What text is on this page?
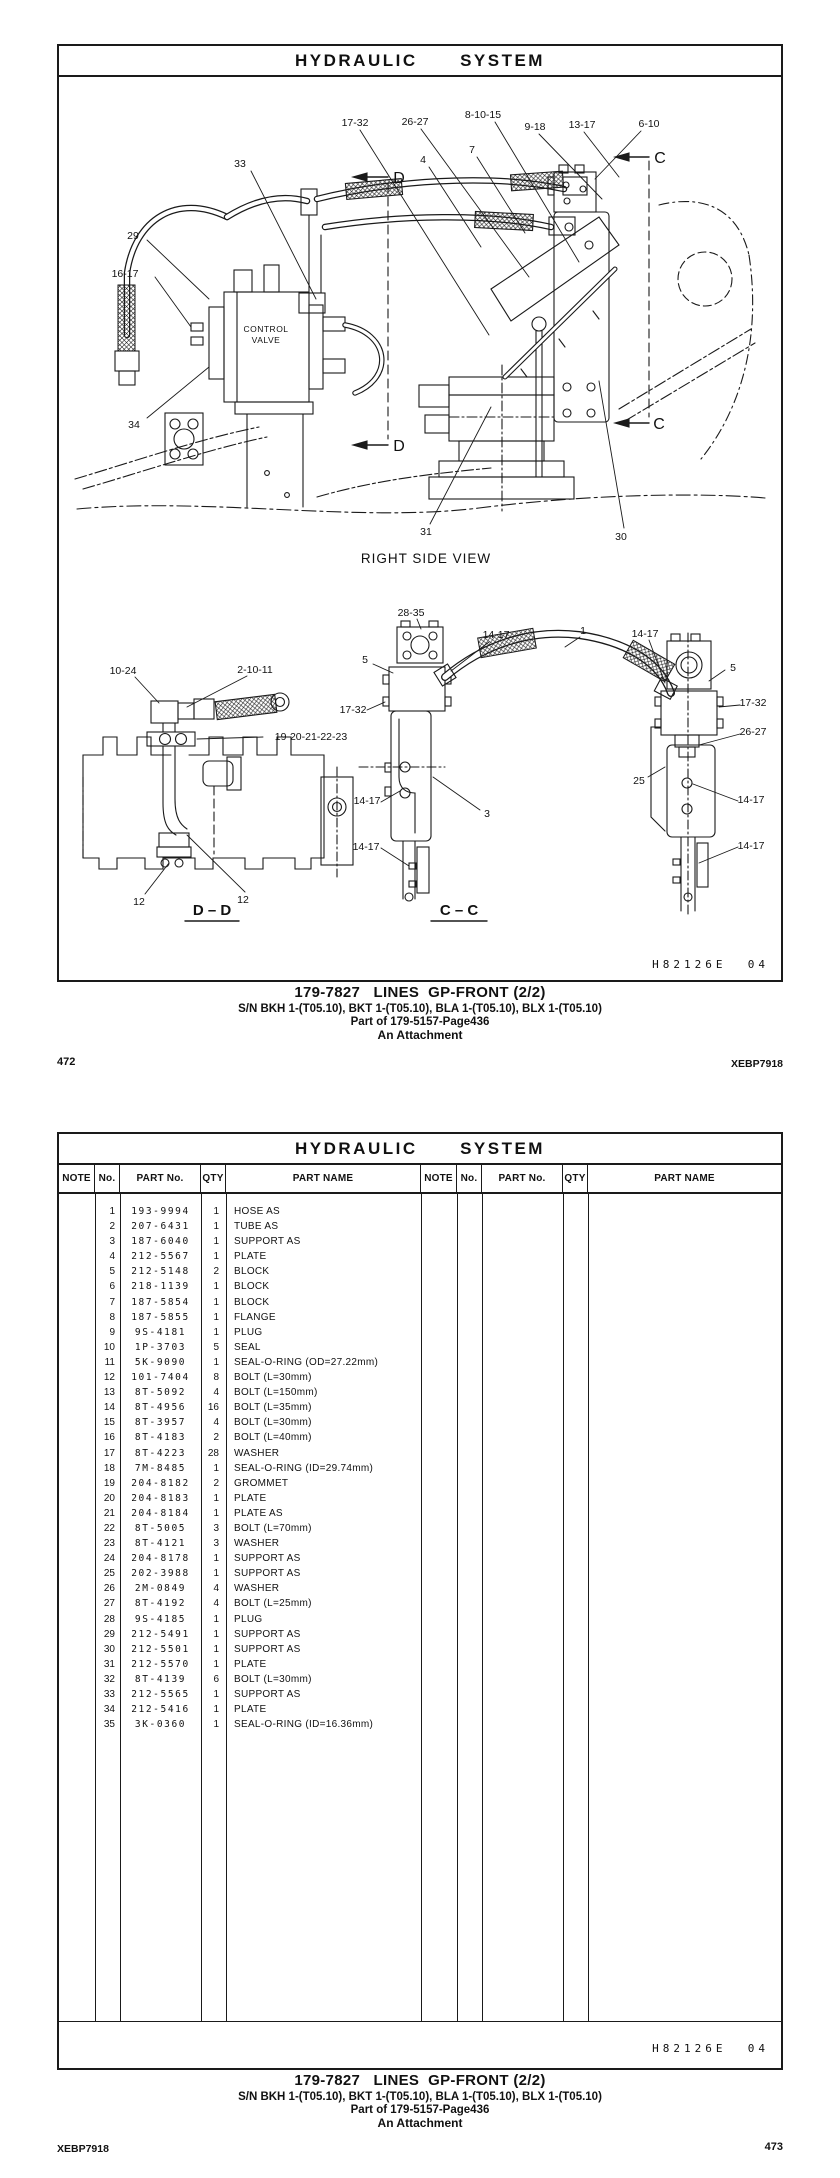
HYDRAULIC  SYSTEM
33
29
16-17
34
17-32	26-27
8-10-15
9-18 13-17	6-10
7
4
31	30
D
D
C
C
CONTROL
VALVE
RIGHT SIDE VIEW
10-24	2-10-11
19-20-21-22-23
12	12
D – D
28-35
14-17	1
5
17-32
14-17
14-17
3
14-17
5
17-32
26-27
25
14-17
14-17
C – C
H82126E  04
179-7827   LINES  GP-FRONT (2/2)
S/N BKH 1-(T05.10), BKT 1-(T05.10), BLA 1-(T05.10), BLX 1-(T05.10)
Part of 179-5157-Page436
An Attachment
472	XEBP7918
HYDRAULIC  SYSTEM
NOTE No.	PART No.	QTY	PART NAME	NOTE No.	PART No.	QTY	PART NAME
1	193-9994	1	HOSE AS
2	207-6431	1	TUBE AS
3	187-6040	1	SUPPORT AS
4	212-5567	1	PLATE
5	212-5148	2	BLOCK
6	218-1139	1	BLOCK
7	187-5854	1	BLOCK
8	187-5855	1	FLANGE
9	9S-4181	1	PLUG
10	1P-3703	5	SEAL
11	5K-9090	1	SEAL-O-RING (OD=27.22mm)
12	101-7404	8	BOLT (L=30mm)
13	8T-5092	4	BOLT (L=150mm)
14	8T-4956	16	BOLT (L=35mm)
15	8T-3957	4	BOLT (L=30mm)
16	8T-4183	2	BOLT (L=40mm)
17	8T-4223	28	WASHER
18	7M-8485	1	SEAL-O-RING (ID=29.74mm)
19	204-8182	2	GROMMET
20	204-8183	1	PLATE
21	204-8184	1	PLATE AS
22	8T-5005	3	BOLT (L=70mm)
23	8T-4121	3	WASHER
24	204-8178	1	SUPPORT AS
25	202-3988	1	SUPPORT AS
26	2M-0849	4	WASHER
27	8T-4192	4	BOLT (L=25mm)
28	9S-4185	1	PLUG
29	212-5491	1	SUPPORT AS
30	212-5501	1	SUPPORT AS
31	212-5570	1	PLATE
32	8T-4139	6	BOLT (L=30mm)
33	212-5565	1	SUPPORT AS
34	212-5416	1	PLATE
35	3K-0360	1	SEAL-O-RING (ID=16.36mm)
H82126E  04
179-7827   LINES  GP-FRONT (2/2)
S/N BKH 1-(T05.10), BKT 1-(T05.10), BLA 1-(T05.10), BLX 1-(T05.10)
Part of 179-5157-Page436
An Attachment
XEBP7918	473
